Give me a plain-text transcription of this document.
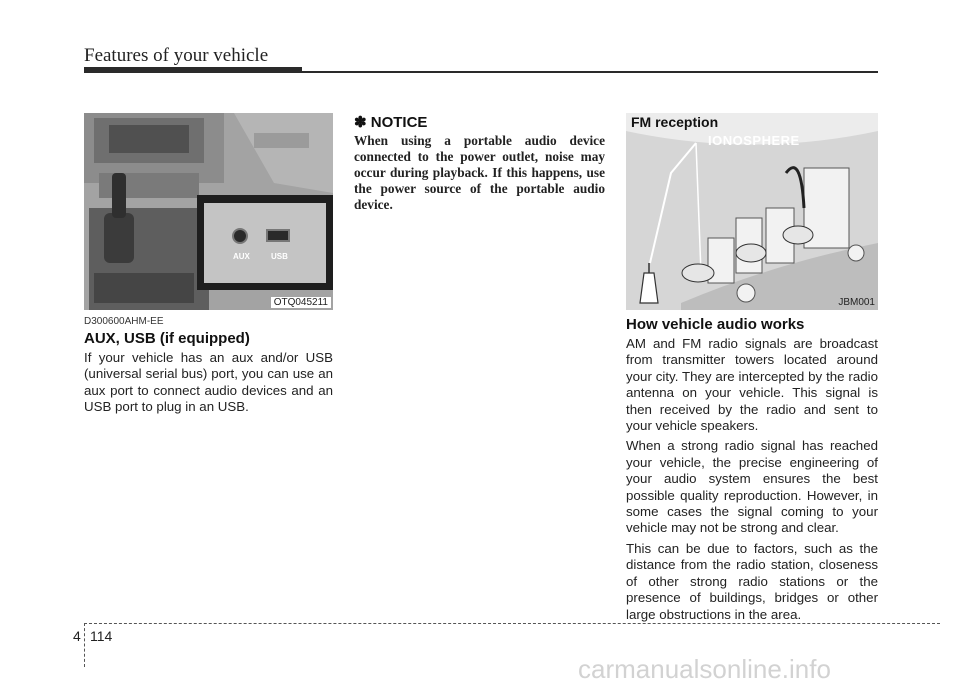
Features of your vehicle
AUX	USB
OTQ045211
D300600AHM-EE
AUX, USB (if equipped)
If your vehicle has an aux and/or USB (universal serial bus) port, you can use an aux port to connect audio devices and an USB port to plug in an USB.
✽ NOTICE
When using a portable audio device connected to the power outlet, noise may occur during playback. If this happens, use the power source of the portable audio device.
FM reception
IONOSPHERE
JBM001
How vehicle audio works

AM and FM radio signals are broadcast from transmitter towers located around your city. They are intercepted by the radio antenna on your vehicle. This signal is then received by the radio and sent to your vehicle speakers.

When a strong radio signal has reached your vehicle, the precise engineering of your audio system ensures the best possible quality reproduction. However, in some cases the signal coming to your vehicle may not be strong and clear.

This can be due to factors, such as the distance from the radio station, closeness of other strong radio stations or the presence of buildings, bridges or other large obstructions in the area.

4 114
carmanualsonline.info
